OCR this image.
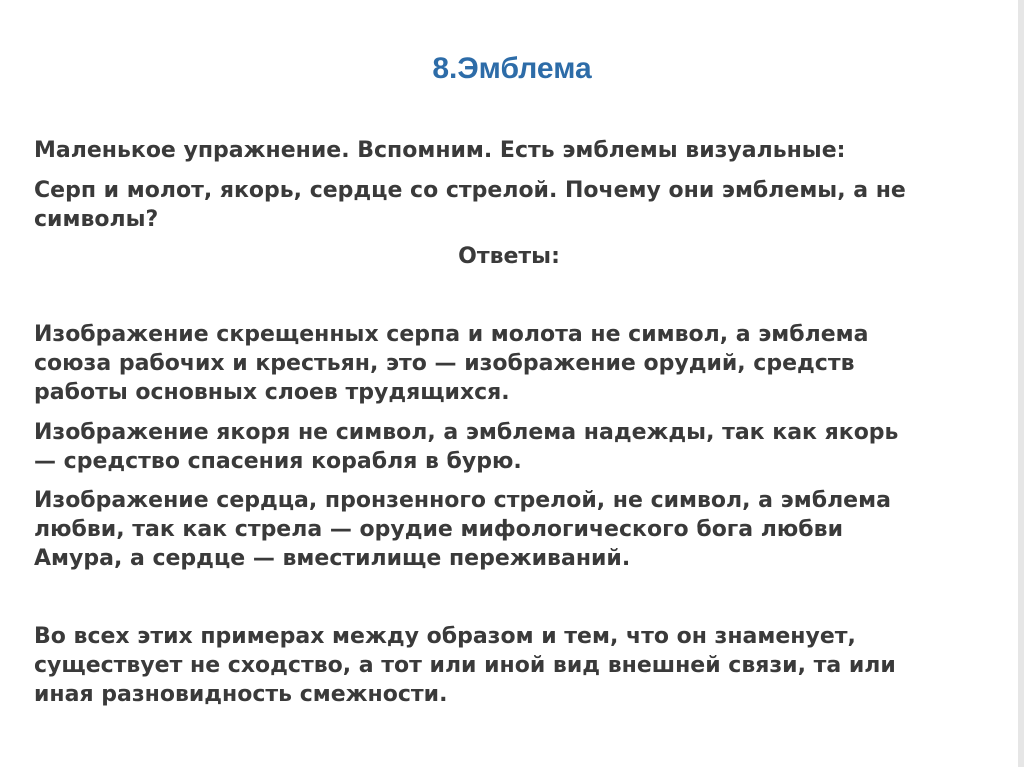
8.Эмблема

Маленькое упражнение. Вспомним. Есть эмблемы визуальные:

Серп и молот, якорь, сердце со стрелой. Почему они эмблемы, а не
символы?

Ответы:

Изображение скрещенных серпа и молота не символ, а эмблема
союза рабочих и крестьян, это — изображение орудий, средств
работы основных слоев трудящихся.

Изображение якоря не символ, а эмблема надежды, так как якорь
— средство спасения корабля в бурю.

Изображение сердца, пронзенного стрелой, не символ, а эмблема
любви, так как стрела — орудие мифологического бога любви
Амура, а сердце — вместилище переживаний.

Во всех этих примерах между образом и тем, что он знаменует,
существует не сходство, а тот или иной вид внешней связи, та или
иная разновидность смежности.
